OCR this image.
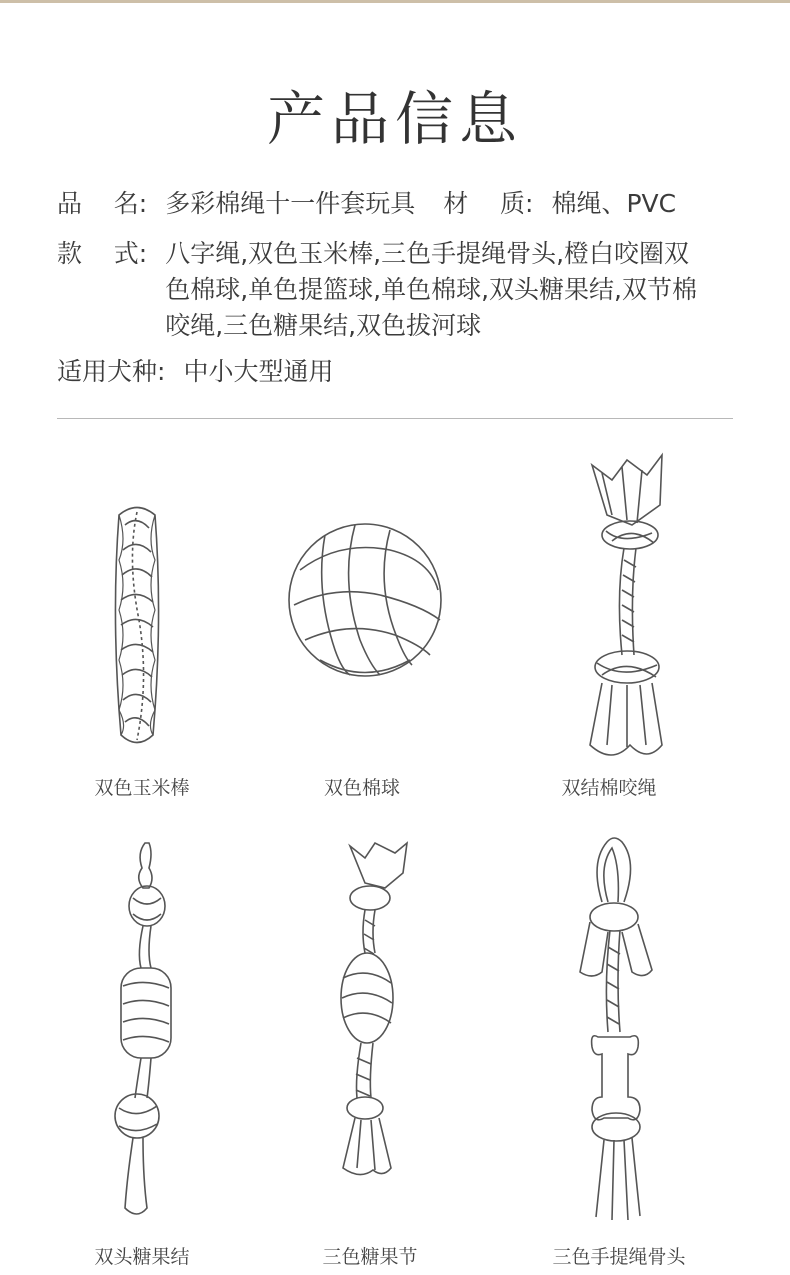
产品信息
品    名: 多彩棉绳十一件套玩具 材    质: 棉绳、PVC
款    式: 八字绳,双色玉米棒,三色手提绳骨头,橙白咬圈双色棉球,单色提篮球,单色棉球,双头糖果结,双节棉咬绳,三色糖果结,双色拔河球
适用犬种: 中小大型通用
双色玉米棒	双色棉球	双结棉咬绳
双头糖果结	三色糖果节	三色手提绳骨头
